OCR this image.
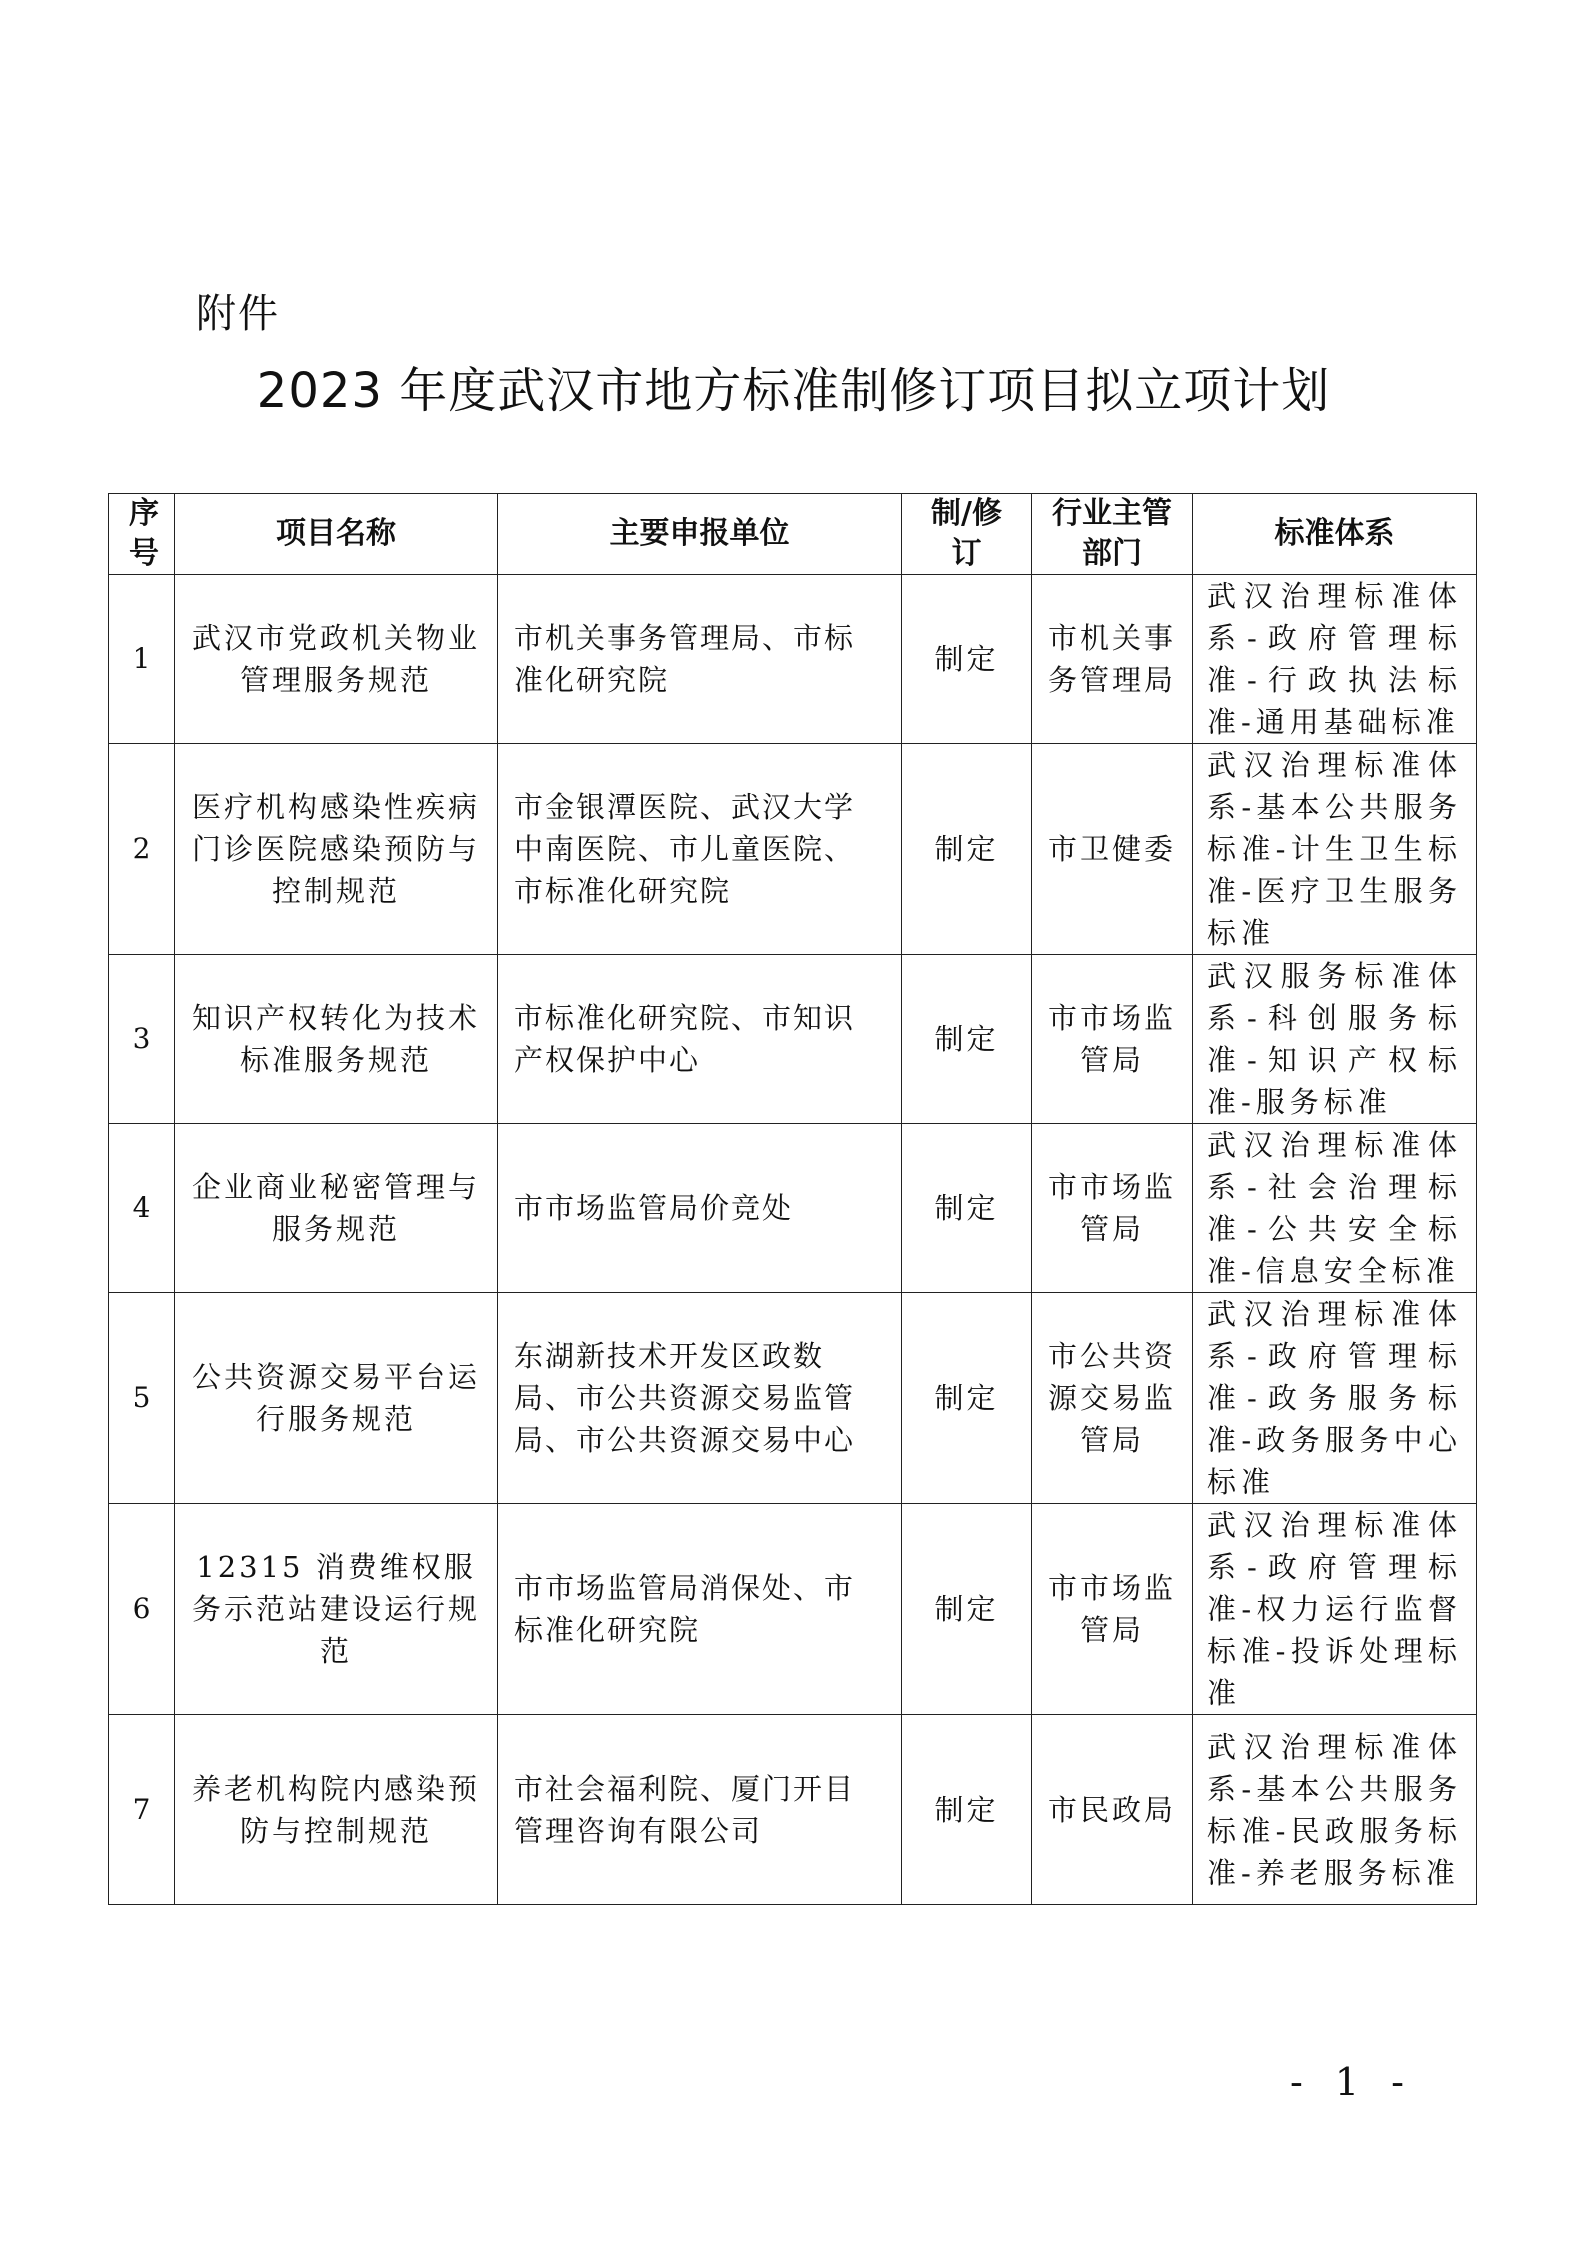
附件
2023 年度武汉市地方标准制修订项目拟立项计划
序号	项目名称	主要申报单位	制/修订	行业主管部门	标准体系
1	武汉市党政机关物业管理服务规范	市机关事务管理局、市标准化研究院	制定	市机关事务管理局	武汉治理标准体系-政府管理标准-行政执法标准-通用基础标准
2	医疗机构感染性疾病门诊医院感染预防与控制规范	市金银潭医院、武汉大学中南医院、市儿童医院、市标准化研究院	制定	市卫健委	武汉治理标准体系-基本公共服务标准-计生卫生标准-医疗卫生服务标准
3	知识产权转化为技术标准服务规范	市标准化研究院、市知识产权保护中心	制定	市市场监管局	武汉服务标准体系-科创服务标准-知识产权标准-服务标准
4	企业商业秘密管理与服务规范	市市场监管局价竞处	制定	市市场监管局	武汉治理标准体系-社会治理标准-公共安全标准-信息安全标准
5	公共资源交易平台运行服务规范	东湖新技术开发区政数局、市公共资源交易监管局、市公共资源交易中心	制定	市公共资源交易监管局	武汉治理标准体系-政府管理标准-政务服务标准-政务服务中心标准
6	12315 消费维权服务示范站建设运行规范	市市场监管局消保处、市标准化研究院	制定	市市场监管局	武汉治理标准体系-政府管理标准-权力运行监督标准-投诉处理标准
7	养老机构院内感染预防与控制规范	市社会福利院、厦门开目管理咨询有限公司	制定	市民政局	武汉治理标准体系-基本公共服务标准-民政服务标准-养老服务标准
- 1 -
